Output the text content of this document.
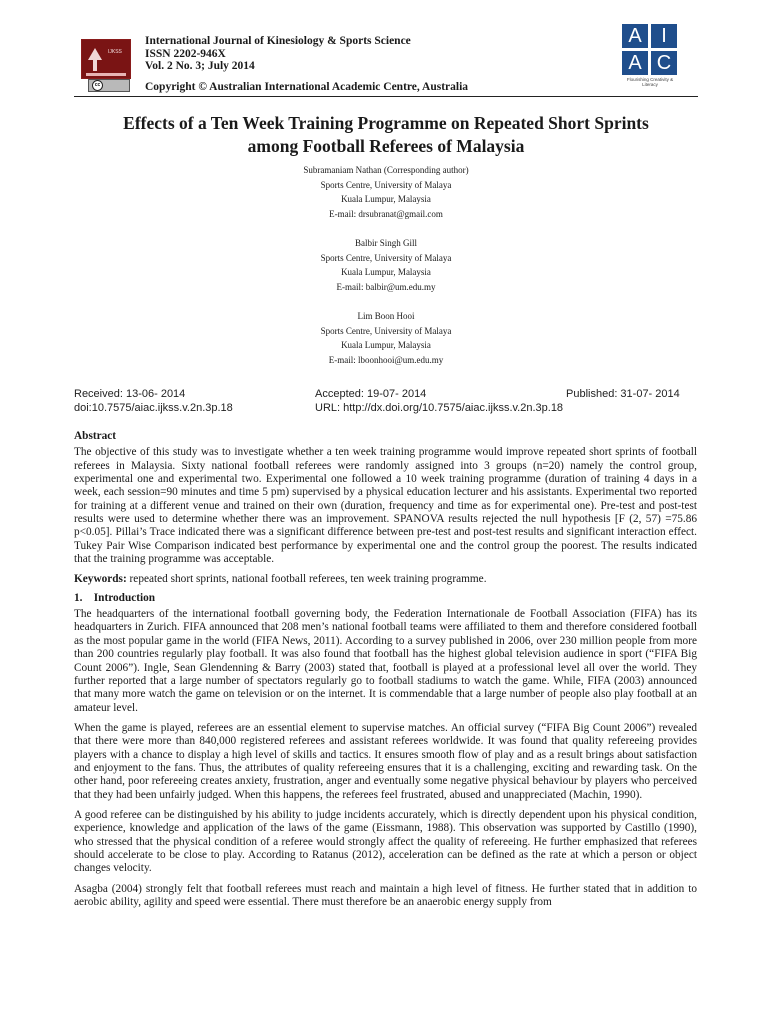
IJKSS
cc
International Journal of Kinesiology & Sports Science
ISSN 2202-946X
Vol. 2 No. 3; July 2014
Copyright © Australian International Academic Centre, Australia
A I
A C
Flourishing Creativity & Literacy
Effects of a Ten Week Training Programme on Repeated Short Sprints
among Football Referees of Malaysia
Subramaniam Nathan (Corresponding author)
Sports Centre, University of Malaya
Kuala Lumpur, Malaysia
E-mail: drsubranat@gmail.com
Balbir Singh Gill
Sports Centre, University of Malaya
Kuala Lumpur, Malaysia
E-mail: balbir@um.edu.my
Lim Boon Hooi
Sports Centre, University of Malaya
Kuala Lumpur, Malaysia
E-mail: lboonhooi@um.edu.my
Received: 13-06- 2014	Accepted: 19-07- 2014	Published: 31-07- 2014
doi:10.7575/aiac.ijkss.v.2n.3p.18	URL: http://dx.doi.org/10.7575/aiac.ijkss.v.2n.3p.18

Abstract

The objective of this study was to investigate whether a ten week training programme would improve repeated short sprints of football referees in Malaysia. Sixty national football referees were randomly assigned into 3 groups (n=20) namely the control group, experimental one and experimental two. Experimental one followed a 10 week training programme (duration of training 4 days in a week, each session=90 minutes and time 5 pm) supervised by a physical education lecturer and his assistants. Experimental two reported for training at a different venue and trained on their own (duration, frequency and time as for experimental one). Pre-test and post-test results were used to determine whether there was an improvement. SPANOVA results rejected the null hypothesis [F (2, 57) =75.86 p<0.05]. Pillai’s Trace indicated there was a significant difference between pre-test and post-test results and significant interaction effect. Tukey Pair Wise Comparison indicated best performance by experimental one and the control group the poorest. The results indicated that the training programme was acceptable.

Keywords: repeated short sprints, national football referees, ten week training programme.

1.    Introduction

The headquarters of the international football governing body, the Federation Internationale de Football Association (FIFA) has its headquarters in Zurich. FIFA announced that 208 men’s national football teams were affiliated to them and therefore considered football as the most popular game in the world (FIFA News, 2011). According to a survey published in 2006, over 230 million people from more than 200 countries regularly play football. It was also found that football has the highest global television audience in sport (“FIFA Big Count 2006”). Ingle, Sean Glendenning & Barry (2003) stated that, football is played at a professional level all over the world. They further reported that a large number of spectators regularly go to football stadiums to watch the game. While, FIFA (2003) announced that many more watch the game on television or on the internet. It is commendable that a large number of people also play football at an amateur level.

When the game is played, referees are an essential element to supervise matches. An official survey (“FIFA Big Count 2006”) revealed that there were more than 840,000 registered referees and assistant referees worldwide. It was found that quality refereeing provides players with a chance to display a high level of skills and tactics. It ensures smooth flow of play and as a result brings about satisfaction and enjoyment to the fans. Thus, the attributes of quality refereeing ensures that it is a challenging, exciting and rewarding task. On the other hand, poor refereeing creates anxiety, frustration, anger and eventually some negative physical behaviour by players who perceived that they had been unfairly judged. When this happens, the referees feel frustrated, abused and unappreciated (Machin, 1990).

A good referee can be distinguished by his ability to judge incidents accurately, which is directly dependent upon his physical condition, experience, knowledge and application of the laws of the game (Eissmann, 1988). This observation was supported by Castillo (1990), who stressed that the physical condition of a referee would strongly affect the quality of refereeing. He further emphasized that referees should accelerate to be close to play. According to Ratanus (2012), acceleration can be defined as the rate at which a person or object changes velocity.

Asagba (2004) strongly felt that football referees must reach and maintain a high level of fitness. He further stated that in addition to aerobic ability, agility and speed were essential. There must therefore be an anaerobic energy supply from
